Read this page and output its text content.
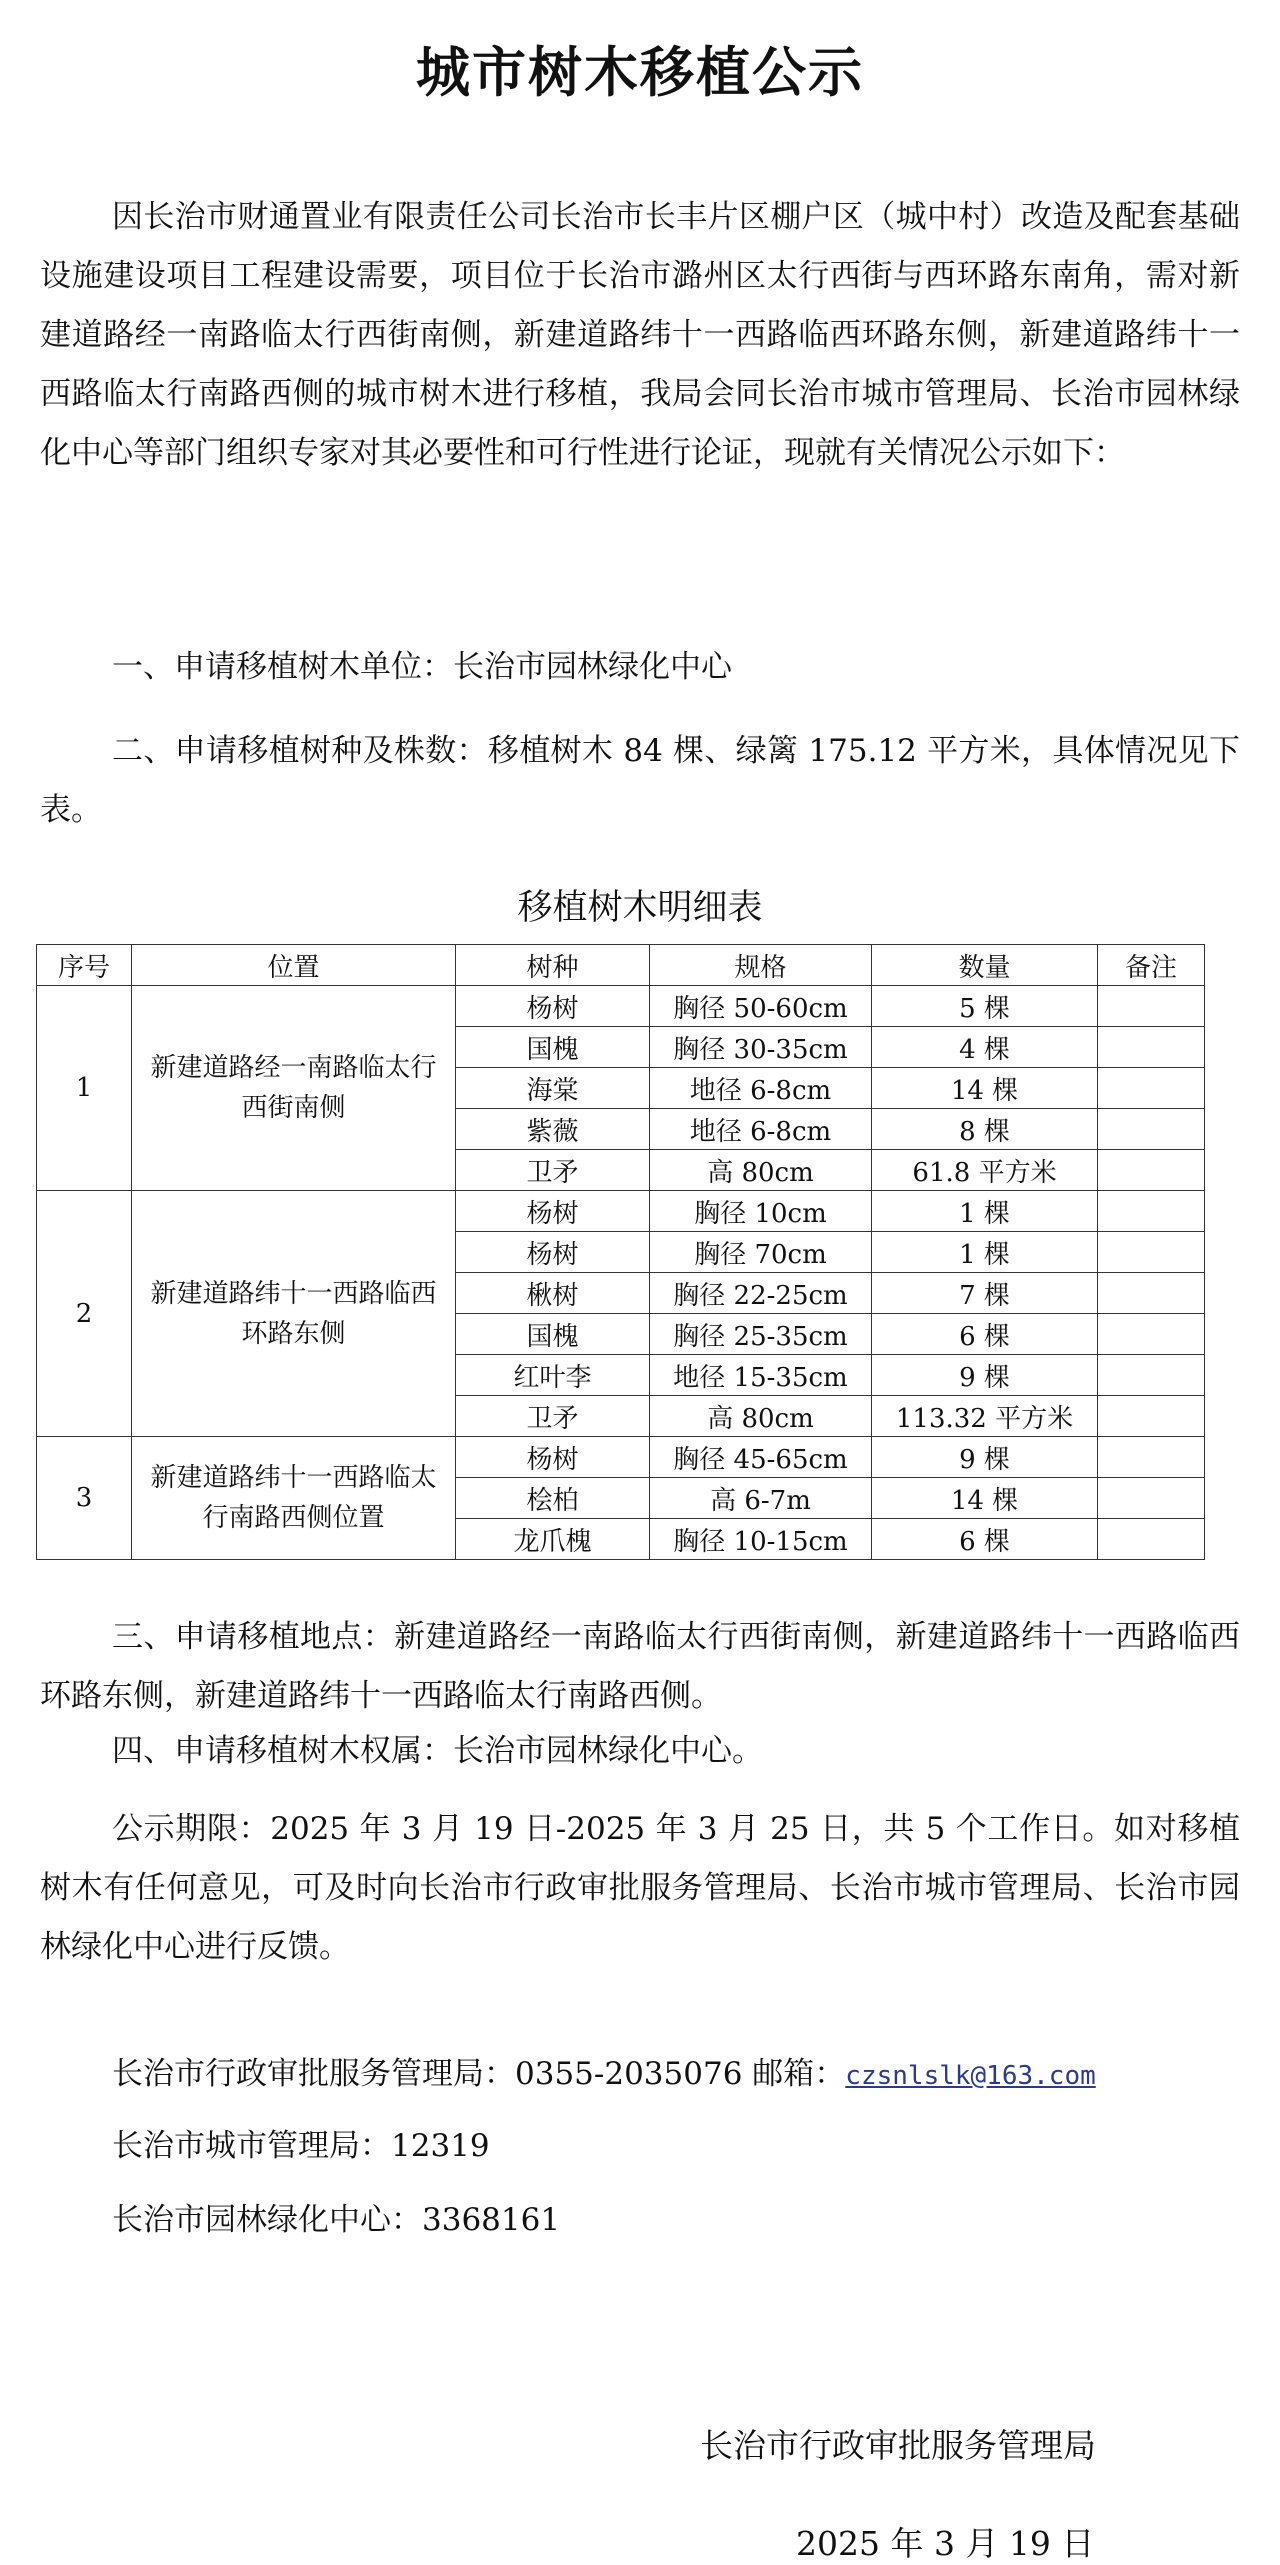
城市树木移植公示

因长治市财通置业有限责任公司长治市长丰片区棚户区（城中村）改造及配套基础设施建设项目工程建设需要，项目位于长治市潞州区太行西街与西环路东南角，需对新建道路经一南路临太行西街南侧，新建道路纬十一西路临西环路东侧，新建道路纬十一西路临太行南路西侧的城市树木进行移植，我局会同长治市城市管理局、长治市园林绿化中心等部门组织专家对其必要性和可行性进行论证，现就有关情况公示如下：

一、申请移植树木单位：长治市园林绿化中心

二、申请移植树种及株数：移植树木 84 棵、绿篱 175.12 平方米，具体情况见下表。

移植树木明细表
序号	位置	树种	规格	数量	备注
1	新建道路经一南路临太行西街南侧	杨树	胸径 50-60cm	5 棵	
		国槐	胸径 30-35cm	4 棵	
		海棠	地径 6-8cm	14 棵	
		紫薇	地径 6-8cm	8 棵	
		卫矛	高 80cm	61.8 平方米	
2	新建道路纬十一西路临西环路东侧	杨树	胸径 10cm	1 棵	
		杨树	胸径 70cm	1 棵	
		楸树	胸径 22-25cm	7 棵	
		国槐	胸径 25-35cm	6 棵	
		红叶李	地径 15-35cm	9 棵	
		卫矛	高 80cm	113.32 平方米	
3	新建道路纬十一西路临太行南路西侧位置	杨树	胸径 45-65cm	9 棵	
		桧柏	高 6-7m	14 棵	
		龙爪槐	胸径 10-15cm	6 棵	

三、申请移植地点：新建道路经一南路临太行西街南侧，新建道路纬十一西路临西环路东侧，新建道路纬十一西路临太行南路西侧。

四、申请移植树木权属：长治市园林绿化中心。

公示期限：2025 年 3 月 19 日-2025 年 3 月 25 日，共 5 个工作日。如对移植树木有任何意见，可及时向长治市行政审批服务管理局、长治市城市管理局、长治市园林绿化中心进行反馈。

长治市行政审批服务管理局：0355-2035076 邮箱：czsnlslk@163.com
长治市城市管理局：12319
长治市园林绿化中心：3368161
长治市行政审批服务管理局
2025 年 3 月 19 日
